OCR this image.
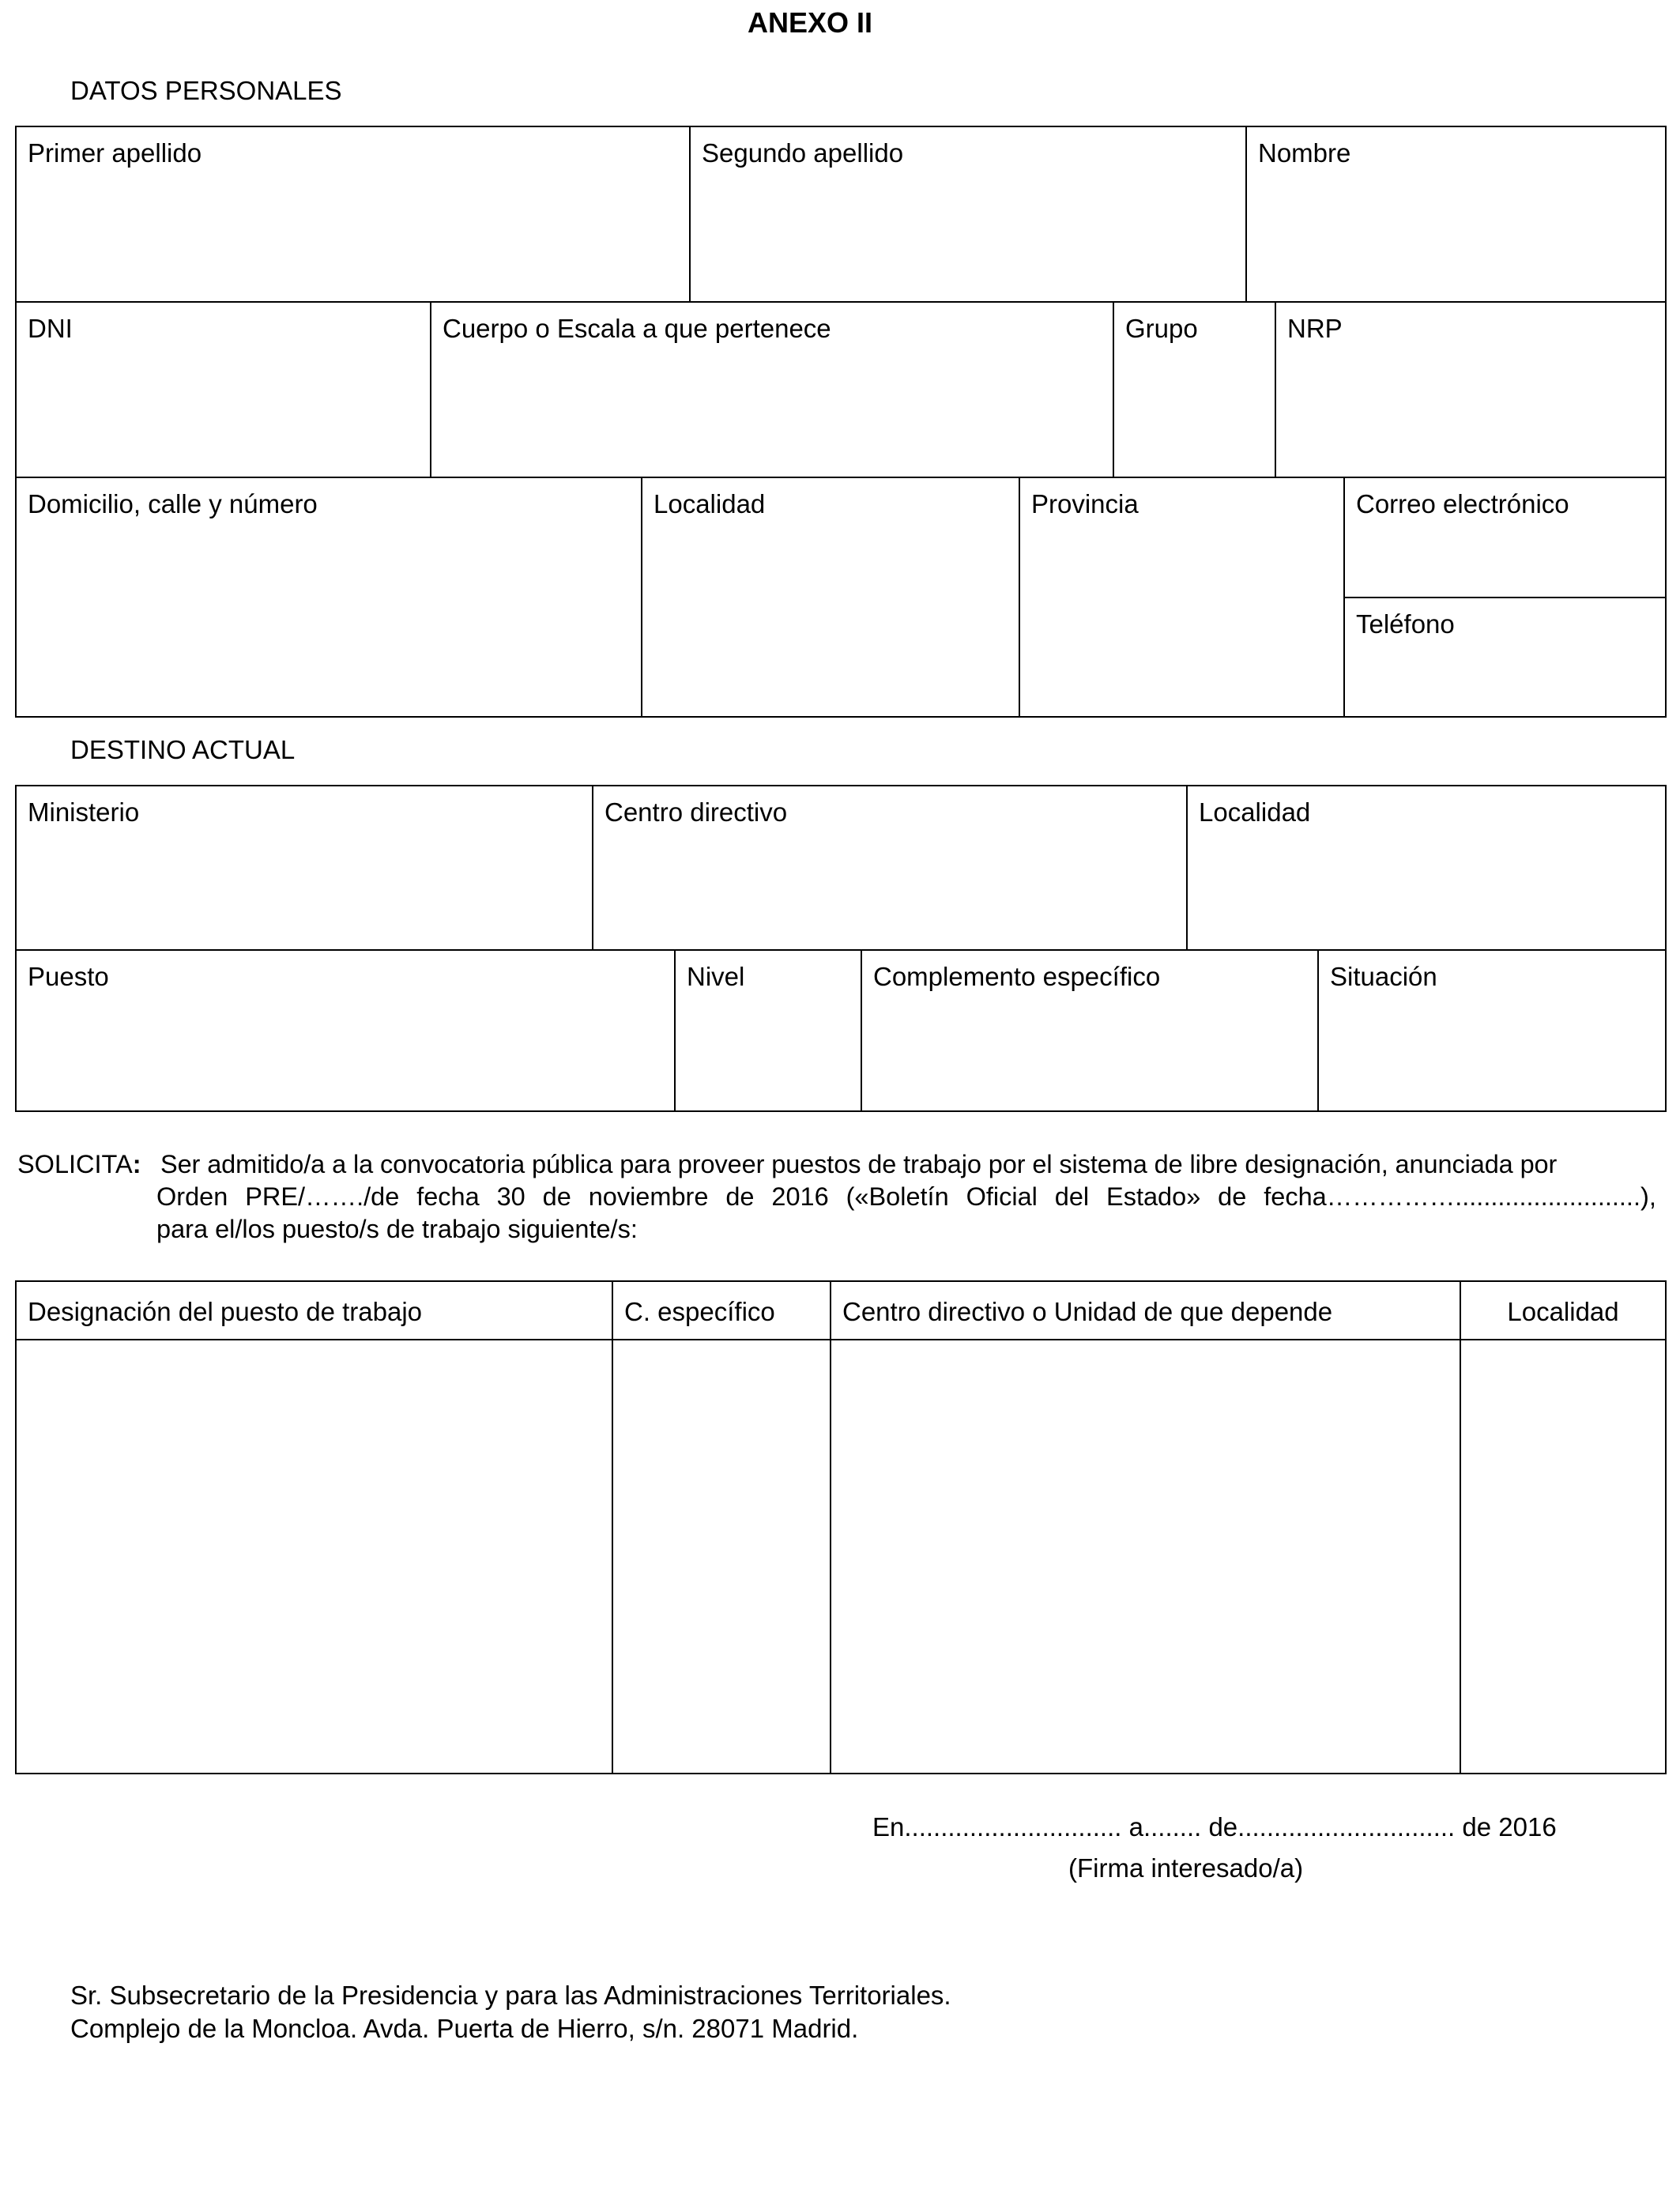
ANEXO II
DATOS PERSONALES
Primer apellido	Segundo apellido	Nombre
DNI	Cuerpo o Escala a que pertenece	Grupo	NRP
Domicilio, calle y número	Localidad	Provincia	Correo electrónico
Teléfono
DESTINO ACTUAL
Ministerio	Centro directivo	Localidad
Puesto	Nivel	Complemento específico	Situación
SOLICITA: Ser admitido/a a la convocatoria pública para proveer puestos de trabajo por el sistema de libre designación, anunciada por
Orden PRE/……./de fecha 30 de noviembre de 2016 («Boletín Oficial del Estado» de fecha……………..........................),
para el/los puesto/s de trabajo siguiente/s:
Designación del puesto de trabajo	C. específico	Centro directivo o Unidad de que depende	Localidad
En.............................. a........ de.............................. de 2016
(Firma interesado/a)
Sr. Subsecretario de la Presidencia y para las Administraciones Territoriales.
Complejo de la Moncloa. Avda. Puerta de Hierro, s/n. 28071 Madrid.
